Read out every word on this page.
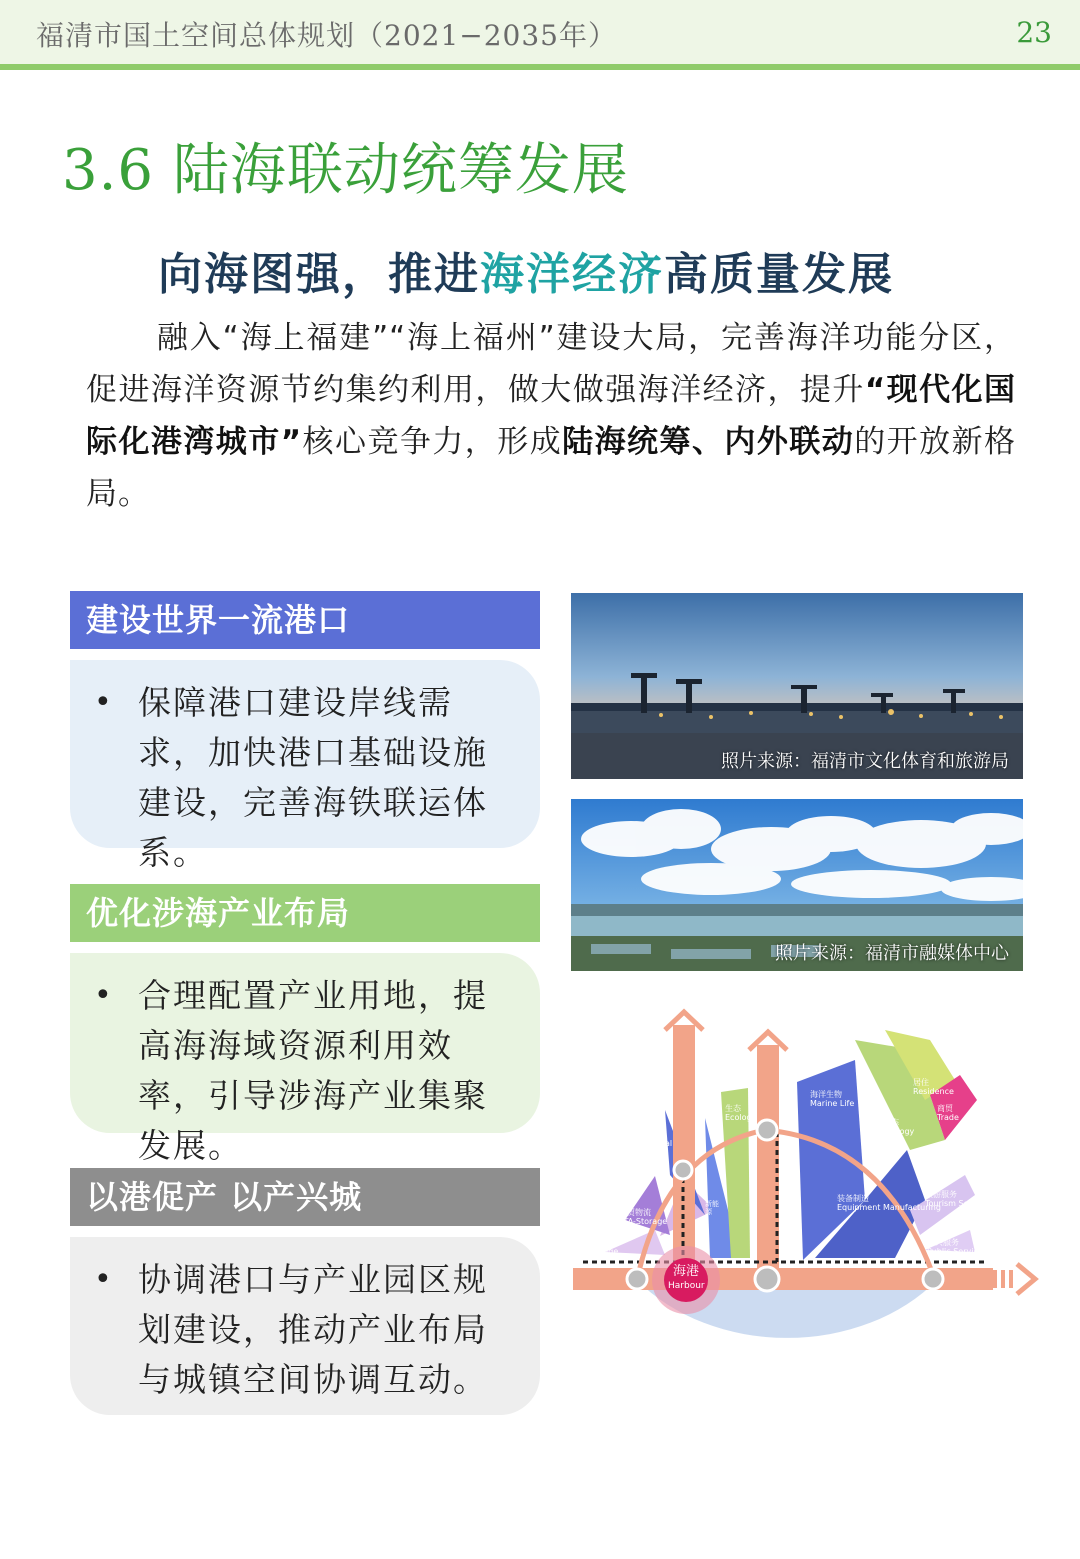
福清市国土空间总体规划（2021−2035年）	23
3.6 陆海联动统筹发展
向海图强，推进海洋经济高质量发展
融入“海上福建”“海上福州”建设大局，完善海洋功能分区，促进海洋资源节约集约利用，做大做强海洋经济，提升“现代化国际化港湾城市”核心竞争力，形成陆海统筹、内外联动的开放新格局。
建设世界一流港口
• 保障港口建设岸线需求，加快港口基础设施建设，完善海铁联运体系。
优化涉海产业布局
• 合理配置产业用地，提高海海域资源利用效率，引导涉海产业集聚发展。
以港促产 以产兴城
• 协调港口与产业园区规划建设，推动产业布局与城镇空间协调互动。
照片来源：福清市文化体育和旅游局
照片来源：福清市融媒体中心
海港
Harbour
East China Sea 东海
仓储
Storage
自贸物流
FTA-Storage
化工
Chemical
新能源
生态
Ecology
海洋生物
Marine Life
装备制造
Equipment Manufacturing
生态
Ecology
居住
Residence
商贸
Trade
旅游服务
Tourism Service
公共服务
Public Service
